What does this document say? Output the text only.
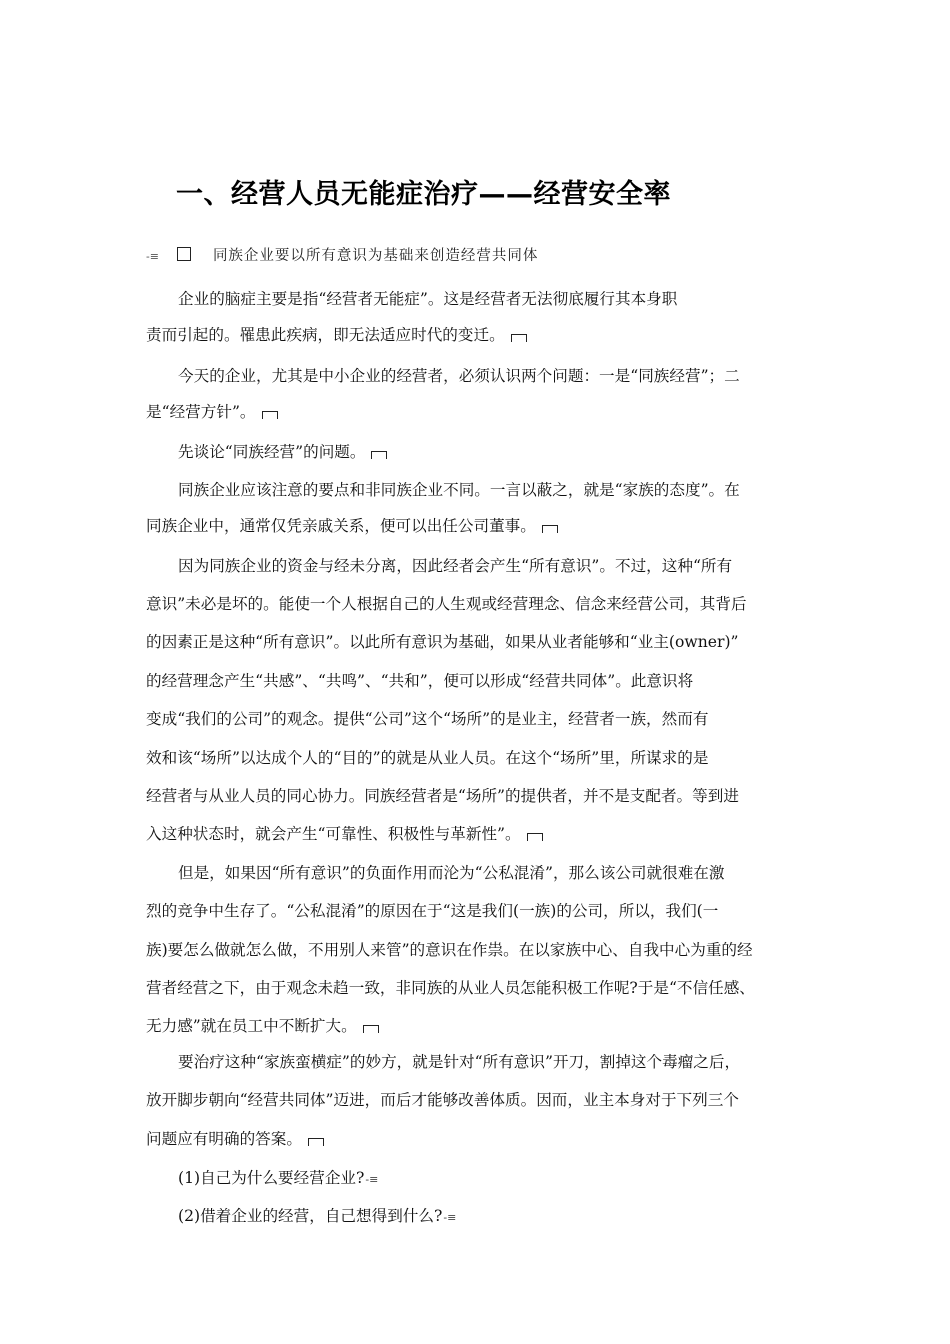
一、经营人员无能症治疗——经营安全率
-≡	同族企业要以所有意识为基础来创造经营共同体
企业的脑症主要是指“经营者无能症”。这是经营者无法彻底履行其本身职
责而引起的。罹患此疾病，即无法适应时代的变迁。
今天的企业，尤其是中小企业的经营者，必须认识两个问题：一是“同族经营”；二
是“经营方针”。
先谈论“同族经营”的问题。
同族企业应该注意的要点和非同族企业不同。一言以蔽之，就是“家族的态度”。在
同族企业中，通常仅凭亲戚关系，便可以出任公司董事。
因为同族企业的资金与经未分离，因此经者会产生“所有意识”。不过，这种“所有
意识”未必是坏的。能使一个人根据自己的人生观或经营理念、信念来经营公司，其背后
的因素正是这种“所有意识”。以此所有意识为基础，如果从业者能够和“业主(owner)”
的经营理念产生“共感”、“共鸣”、“共和”，便可以形成“经营共同体”。此意识将
变成“我们的公司”的观念。提供“公司”这个“场所”的是业主，经营者一族，然而有
效和该“场所”以达成个人的“目的”的就是从业人员。在这个“场所”里，所谋求的是
经营者与从业人员的同心协力。同族经营者是“场所”的提供者，并不是支配者。等到进
入这种状态时，就会产生“可靠性、积极性与革新性”。
但是，如果因“所有意识”的负面作用而沦为“公私混淆”，那么该公司就很难在激
烈的竞争中生存了。“公私混淆”的原因在于“这是我们(一族)的公司，所以，我们(一
族)要怎么做就怎么做，不用别人来管”的意识在作祟。在以家族中心、自我中心为重的经
营者经营之下，由于观念未趋一致，非同族的从业人员怎能积极工作呢?于是“不信任感、
无力感”就在员工中不断扩大。
要治疗这种“家族蛮横症”的妙方，就是针对“所有意识”开刀，割掉这个毒瘤之后，
放开脚步朝向“经营共同体”迈进，而后才能够改善体质。因而，业主本身对于下列三个
问题应有明确的答案。
(1)自己为什么要经营企业?-≡
(2)借着企业的经营，自己想得到什么?-≡
